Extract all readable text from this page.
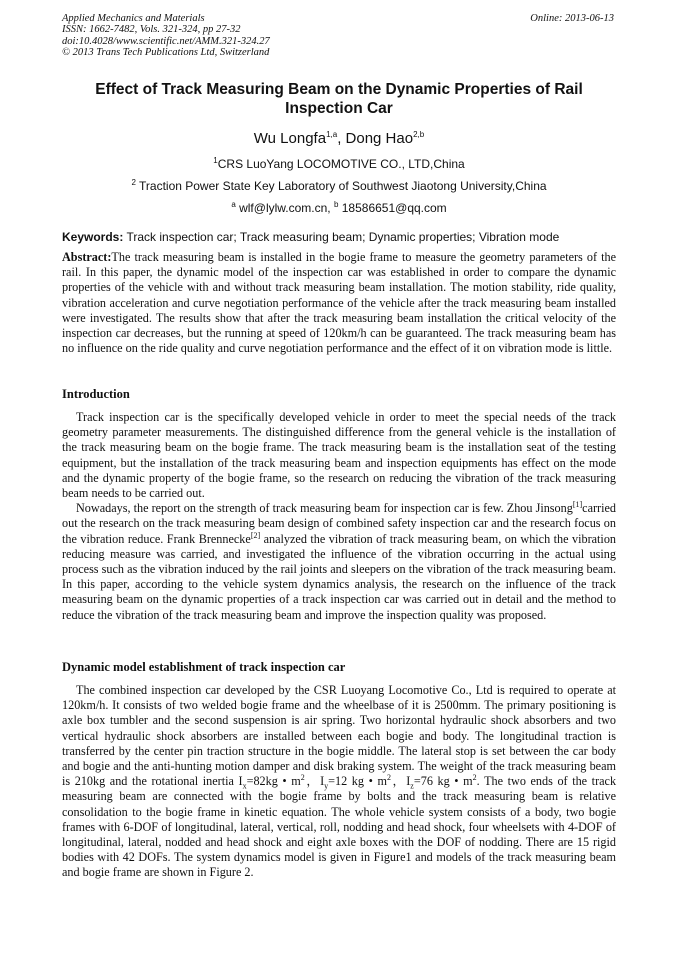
Applied Mechanics and Materials
ISSN: 1662-7482, Vols. 321-324, pp 27-32
doi:10.4028/www.scientific.net/AMM.321-324.27
© 2013 Trans Tech Publications Ltd, Switzerland
Online: 2013-06-13
Effect of Track Measuring Beam on the Dynamic Properties of Rail Inspection Car
Wu Longfa$^{1,a}$, Dong Hao$^{2,b}$
$^1$CRS LuoYang LOCOMOTIVE CO., LTD,China
$^2$ Traction Power State Key Laboratory of Southwest Jiaotong University,China
$^a$ wlf@lylw.com.cn, $^b$ 18586651@qq.com
Keywords: Track inspection car; Track measuring beam; Dynamic properties; Vibration mode

Abstract:The track measuring beam is installed in the bogie frame to measure the geometry parameters of the rail. In this paper, the dynamic model of the inspection car was established in order to compare the dynamic properties of the vehicle with and without track measuring beam installation. The motion stability, ride quality, vibration acceleration and curve negotiation performance of the vehicle after the track measuring beam installed were investigated. The results show that after the track measuring beam installation the critical velocity of the inspection car decreases, but the running at speed of 120km/h can be guaranteed. The track measuring beam has no influence on the ride quality and curve negotiation performance and the effect of it on vibration mode is little.

Introduction

Track inspection car is the specifically developed vehicle in order to meet the special needs of the track geometry parameter measurements. The distinguished difference from the general vehicle is the installation of the track measuring beam on the bogie frame. The track measuring beam is the installation seat of the testing equipment, but the installation of the track measuring beam and inspection equipments has effect on the mode and the dynamic property of the bogie frame, so the research on reducing the vibration of the track measuring beam needs to be carried out.

Nowadays, the report on the strength of track measuring beam for inspection car is few. Zhou Jinsong[1]carried out the research on the track measuring beam design of combined safety inspection car and the research focus on the vibration reduce. Frank Brennecke[2] analyzed the vibration of track measuring beam, on which the vibration reducing measure was carried, and investigated the influence of the vibration occurring in the actual using process such as the vibration induced by the rail joints and sleepers on the vibration of the track measuring beam. In this paper, according to the vehicle system dynamics analysis, the research on the influence of the track measuring beam on the dynamic properties of a track inspection car was carried out in detail and the method to reduce the vibration of the track measuring beam and improve the inspection quality was proposed.

Dynamic model establishment of track inspection car

The combined inspection car developed by the CSR Luoyang Locomotive Co., Ltd is required to operate at 120km/h. It consists of two welded bogie frame and the wheelbase of it is 2500mm. The primary positioning is axle box tumbler and the second suspension is air spring. Two horizontal hydraulic shock absorbers and two vertical hydraulic shock absorbers are installed between each bogie and body. The longitudinal traction is transferred by the center pin traction structure in the bogie middle. The lateral stop is set between the car body and bogie and the anti-hunting motion damper and disk braking system. The weight of the track measuring beam is 210kg and the rotational inertia $I_x=82kg$ • $m^2$，$I_y=12$ kg • $m^2$，$I_z=76$ kg • $m^2$. The two ends of the track measuring beam are connected with the bogie frame by bolts and the track measuring beam is relative consolidation to the bogie frame in kinetic equation. The whole vehicle system consists of a body, two bogie frames with 6-DOF of longitudinal, lateral, vertical, roll, nodding and head shock, four wheelsets with 4-DOF of longitudinal, lateral, nodded and head shock and eight axle boxes with the DOF of nodding. There are 15 rigid bodies with 42 DOFs. The system dynamics model is given in Figure1 and models of the track measuring beam and bogie frame are shown in Figure 2.
